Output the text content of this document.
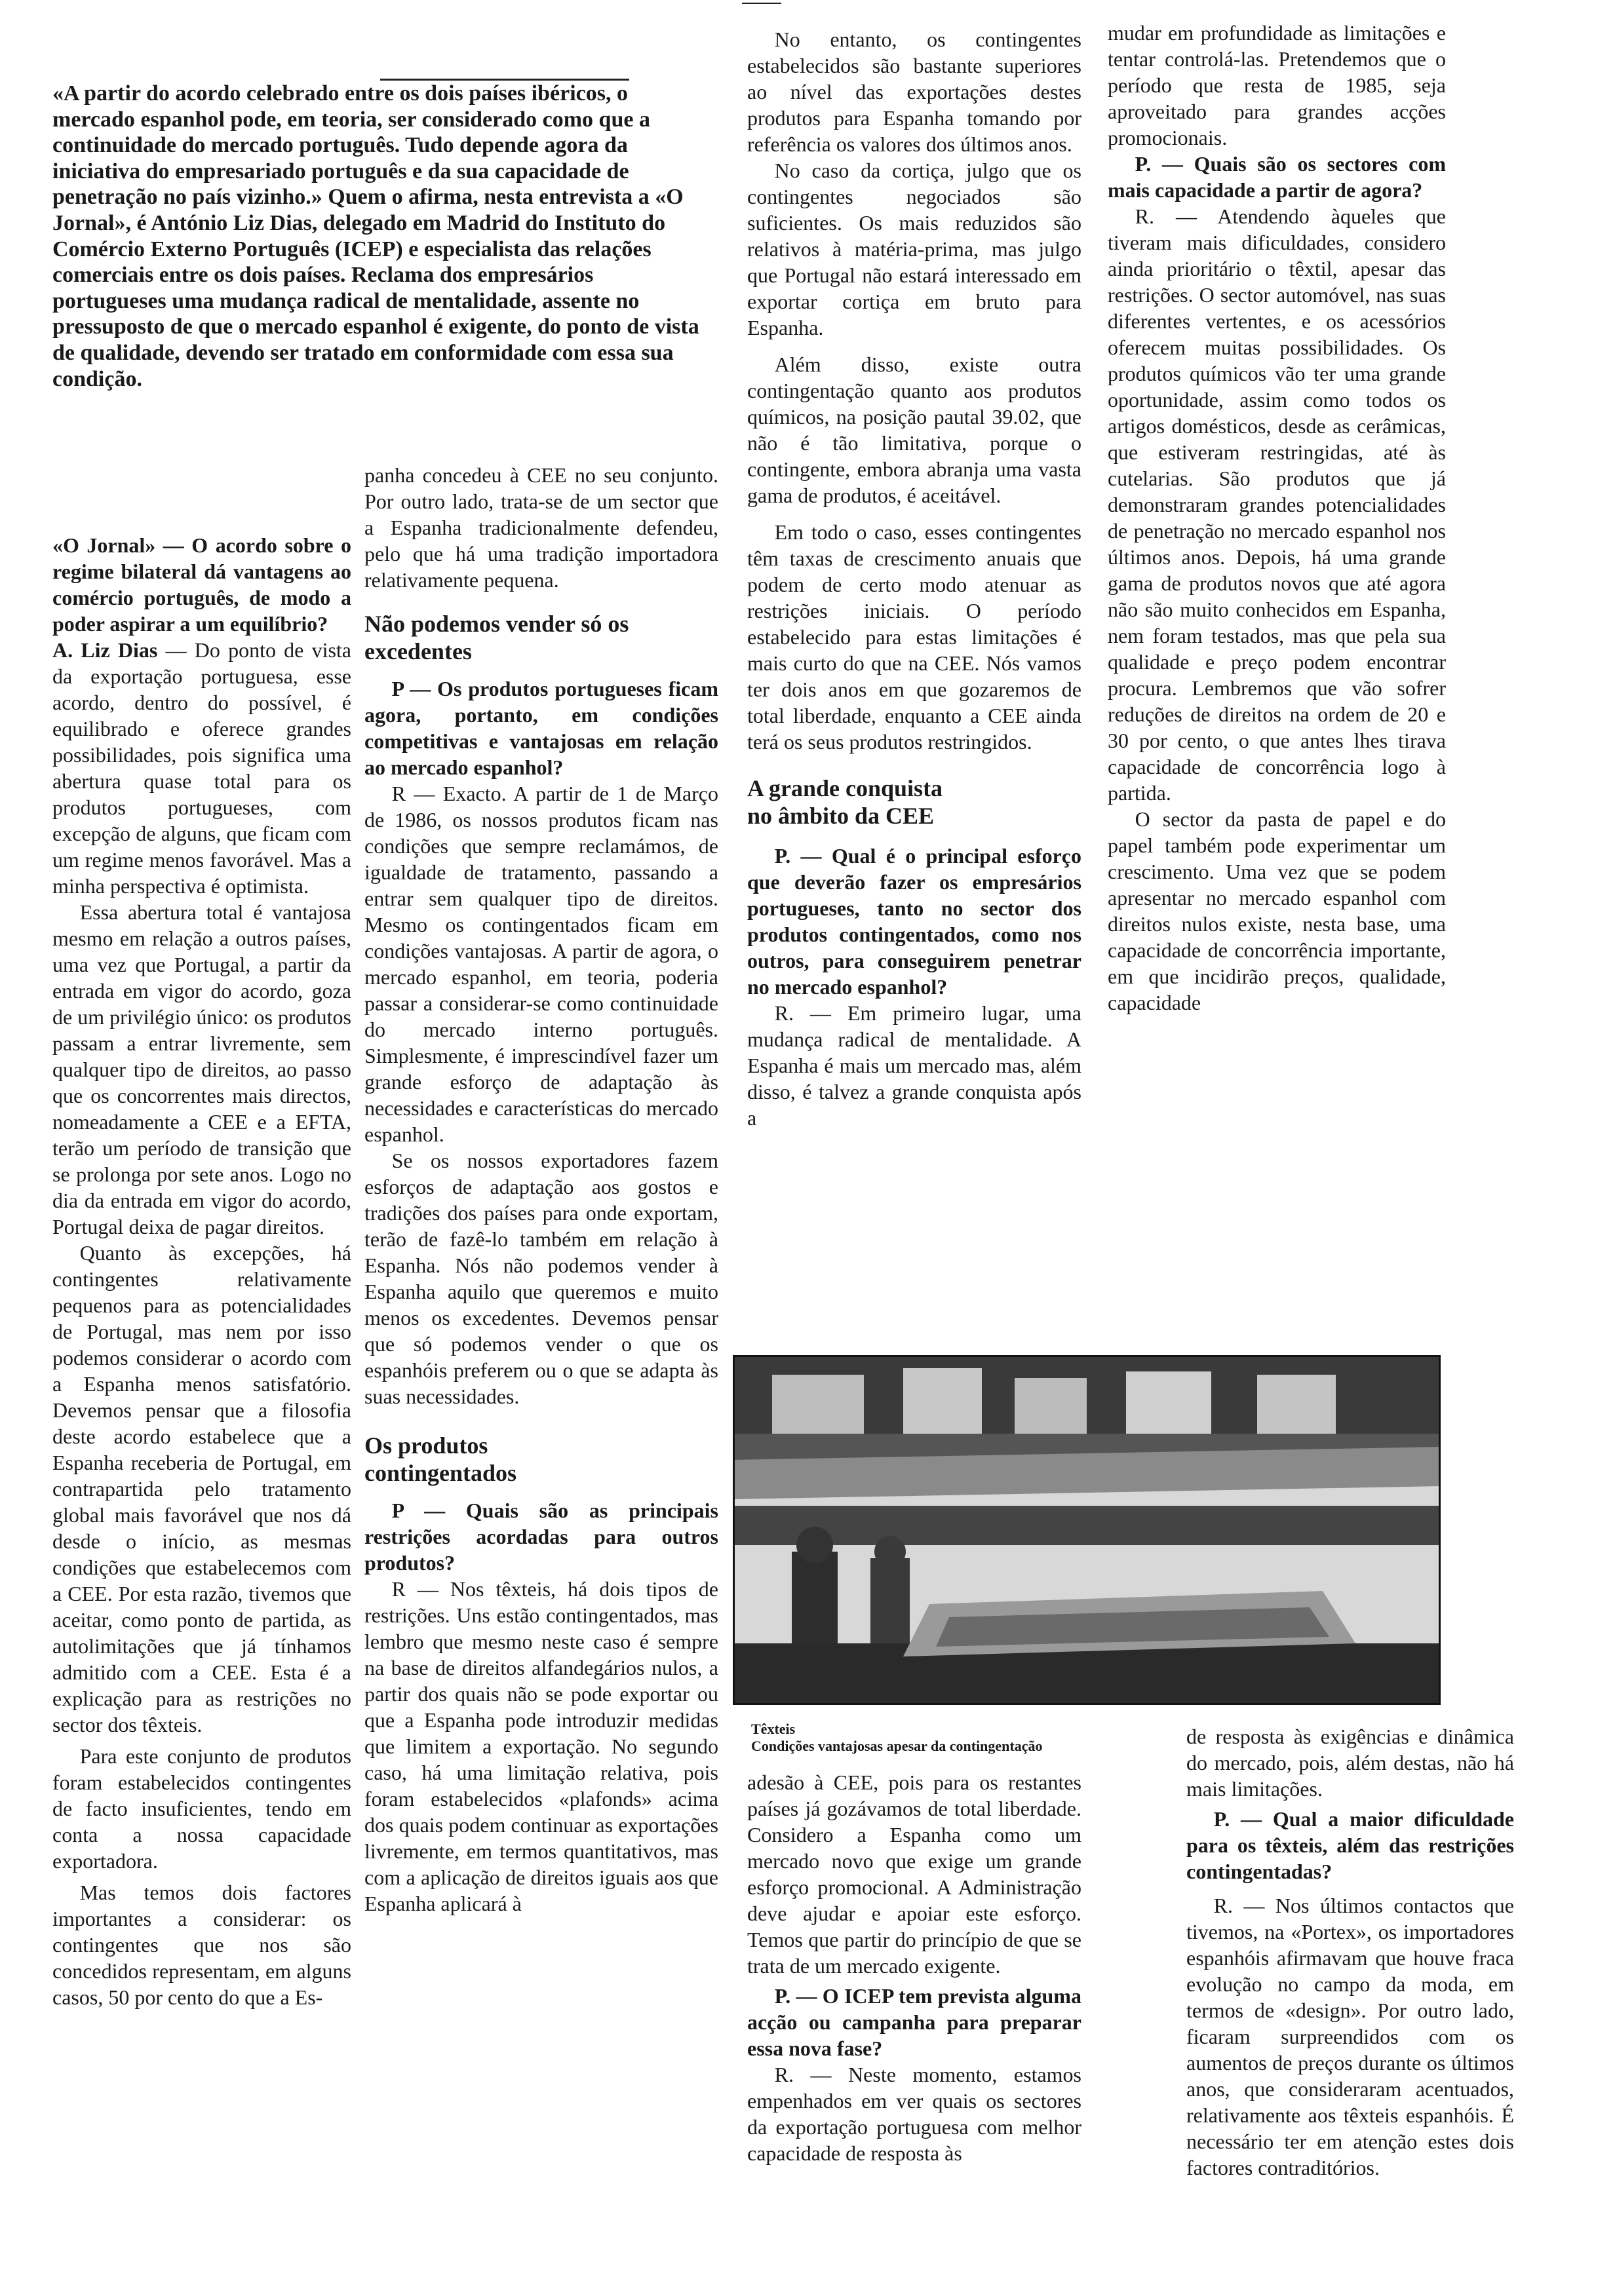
«A partir do acordo celebrado entre os dois países ibéricos, o mercado espanhol pode, em teoria, ser considerado como que a continuidade do mercado português. Tudo depende agora da iniciativa do empresariado português e da sua capacidade de penetração no país vizinho.» Quem o afirma, nesta entrevista a «O Jornal», é António Liz Dias, delegado em Madrid do Instituto do Comércio Externo Português (ICEP) e especialista das relações comerciais entre os dois países. Reclama dos empresários portugueses uma mudança radical de mentalidade, assente no pressuposto de que o mercado espanhol é exigente, do ponto de vista de qualidade, devendo ser tratado em conformidade com essa sua condição.

«O Jornal» — O acordo sobre o regime bilateral dá vantagens ao comércio português, de modo a poder aspirar a um equilíbrio?

A. Liz Dias — Do ponto de vista da exportação portuguesa, esse acordo, dentro do possível, é equilibrado e oferece grandes possibilidades, pois significa uma abertura quase total para os produtos portugueses, com excepção de alguns, que ficam com um regime menos favorável. Mas a minha perspectiva é optimista.

Essa abertura total é vantajosa mesmo em relação a outros países, uma vez que Portugal, a partir da entrada em vigor do acordo, goza de um privilégio único: os produtos passam a entrar livremente, sem qualquer tipo de direitos, ao passo que os concorrentes mais directos, nomeadamente a CEE e a EFTA, terão um período de transição que se prolonga por sete anos. Logo no dia da entrada em vigor do acordo, Portugal deixa de pagar direitos.

Quanto às excepções, há contingentes relativamente pequenos para as potencialidades de Portugal, mas nem por isso podemos considerar o acordo com a Espanha menos satisfatório. Devemos pensar que a filosofia deste acordo estabelece que a Espanha receberia de Portugal, em contrapartida pelo tratamento global mais favorável que nos dá desde o início, as mesmas condições que estabelecemos com a CEE. Por esta razão, tivemos que aceitar, como ponto de partida, as autolimitações que já tínhamos admitido com a CEE. Esta é a explicação para as restrições no sector dos têxteis.

Para este conjunto de produtos foram estabelecidos contingentes de facto insuficientes, tendo em conta a nossa capacidade exportadora.

Mas temos dois factores importantes a considerar: os contingentes que nos são concedidos representam, em alguns casos, 50 por cento do que a Es-

panha concedeu à CEE no seu conjunto. Por outro lado, trata-se de um sector que a Espanha tradicionalmente defendeu, pelo que há uma tradição importadora relativamente pequena.

Não podemos vender só os excedentes

P — Os produtos portugueses ficam agora, portanto, em condições competitivas e vantajosas em relação ao mercado espanhol?

R — Exacto. A partir de 1 de Março de 1986, os nossos produtos ficam nas condições que sempre reclamámos, de igualdade de tratamento, passando a entrar sem qualquer tipo de direitos. Mesmo os contingentados ficam em condições vantajosas. A partir de agora, o mercado espanhol, em teoria, poderia passar a considerar-se como continuidade do mercado interno português. Simplesmente, é imprescindível fazer um grande esforço de adaptação às necessidades e características do mercado espanhol.

Se os nossos exportadores fazem esforços de adaptação aos gostos e tradições dos países para onde exportam, terão de fazê-lo também em relação à Espanha. Nós não podemos vender à Espanha aquilo que queremos e muito menos os excedentes. Devemos pensar que só podemos vender o que os espanhóis preferem ou o que se adapta às suas necessidades.

Os produtos contingentados

P — Quais são as principais restrições acordadas para outros produtos?

R — Nos têxteis, há dois tipos de restrições. Uns estão contingentados, mas lembro que mesmo neste caso é sempre na base de direitos alfandegários nulos, a partir dos quais não se pode exportar ou que a Espanha pode introduzir medidas que limitem a exportação. No segundo caso, há uma limitação relativa, pois foram estabelecidos «plafonds» acima dos quais podem continuar as exportações livremente, em termos quantitativos, mas com a aplicação de direitos iguais aos que Espanha aplicará à

No entanto, os contingentes estabelecidos são bastante superiores ao nível das exportações destes produtos para Espanha tomando por referência os valores dos últimos anos.

No caso da cortiça, julgo que os contingentes negociados são suficientes. Os mais reduzidos são relativos à matéria-prima, mas julgo que Portugal não estará interessado em exportar cortiça em bruto para Espanha.

Além disso, existe outra contingentação quanto aos produtos químicos, na posição pautal 39.02, que não é tão limitativa, porque o contingente, embora abranja uma vasta gama de produtos, é aceitável.

Em todo o caso, esses contingentes têm taxas de crescimento anuais que podem de certo modo atenuar as restrições iniciais. O período estabelecido para estas limitações é mais curto do que na CEE. Nós vamos ter dois anos em que gozaremos de total liberdade, enquanto a CEE ainda terá os seus produtos restringidos.

A grande conquista no âmbito da CEE

P. — Qual é o principal esforço que deverão fazer os empresários portugueses, tanto no sector dos produtos contingentados, como nos outros, para conseguirem penetrar no mercado espanhol?

R. — Em primeiro lugar, uma mudança radical de mentalidade. A Espanha é mais um mercado mas, além disso, é talvez a grande conquista após a

mudar em profundidade as limitações e tentar controlá-las. Pretendemos que o período que resta de 1985, seja aproveitado para grandes acções promocionais.

P. — Quais são os sectores com mais capacidade a partir de agora?

R. — Atendendo àqueles que tiveram mais dificuldades, considero ainda prioritário o têxtil, apesar das restrições. O sector automóvel, nas suas diferentes vertentes, e os acessórios oferecem muitas possibilidades. Os produtos químicos vão ter uma grande oportunidade, assim como todos os artigos domésticos, desde as cerâmicas, que estiveram restringidas, até às cutelarias. São produtos que já demonstraram grandes potencialidades de penetração no mercado espanhol nos últimos anos. Depois, há uma grande gama de produtos novos que até agora não são muito conhecidos em Espanha, nem foram testados, mas que pela sua qualidade e preço podem encontrar procura. Lembremos que vão sofrer reduções de direitos na ordem de 20 e 30 por cento, o que antes lhes tirava capacidade de concorrência logo à partida.

O sector da pasta de papel e do papel também pode experimentar um crescimento. Uma vez que se podem apresentar no mercado espanhol com direitos nulos existe, nesta base, uma capacidade de concorrência importante, em que incidirão preços, qualidade, capacidade

Têxteis
Condições vantajosas apesar da contingentação

adesão à CEE, pois para os restantes países já gozávamos de total liberdade. Considero a Espanha como um mercado novo que exige um grande esforço promocional. A Administração deve ajudar e apoiar este esforço. Temos que partir do princípio de que se trata de um mercado exigente.

P. — O ICEP tem prevista alguma acção ou campanha para preparar essa nova fase?

R. — Neste momento, estamos empenhados em ver quais os sectores da exportação portuguesa com melhor capacidade de resposta às

de resposta às exigências e dinâmica do mercado, pois, além destas, não há mais limitações.

P. — Qual a maior dificuldade para os têxteis, além das restrições contingentadas?

R. — Nos últimos contactos que tivemos, na «Portex», os importadores espanhóis afirmavam que houve fraca evolução no campo da moda, em termos de «design». Por outro lado, ficaram surpreendidos com os aumentos de preços durante os últimos anos, que consideraram acentuados, relativamente aos têxteis espanhóis. É necessário ter em atenção estes dois factores contraditórios.
